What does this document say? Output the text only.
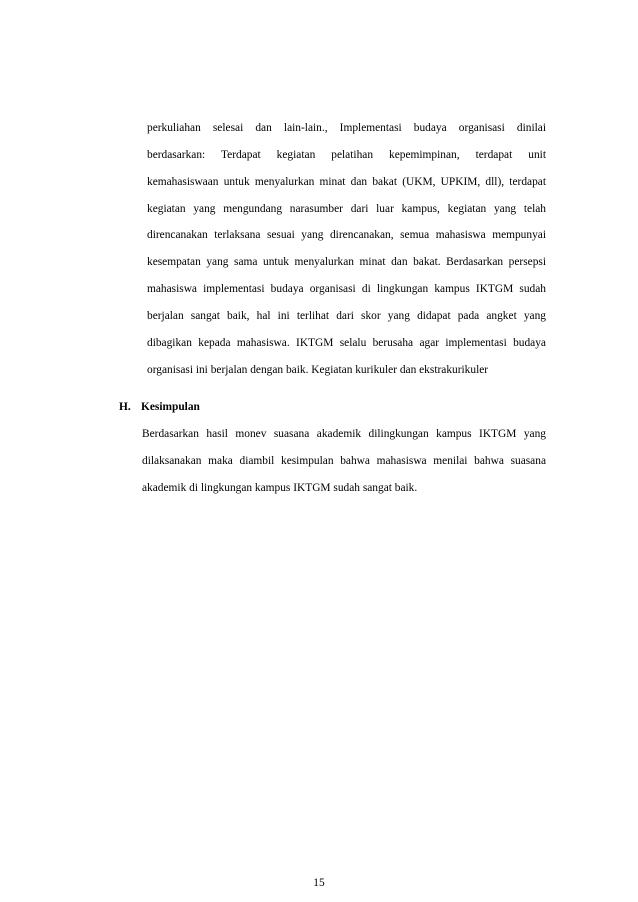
perkuliahan selesai dan lain-lain., Implementasi budaya organisasi dinilai
berdasarkan: Terdapat kegiatan pelatihan kepemimpinan, terdapat unit
kemahasiswaan untuk menyalurkan minat dan bakat (UKM, UPKIM, dll), terdapat
kegiatan yang mengundang narasumber dari luar kampus, kegiatan yang telah
direncanakan terlaksana sesuai yang direncanakan, semua mahasiswa mempunyai
kesempatan yang sama untuk menyalurkan minat dan bakat. Berdasarkan persepsi
mahasiswa implementasi budaya organisasi di lingkungan kampus IKTGM sudah
berjalan sangat baik, hal ini terlihat dari skor yang didapat pada angket yang
dibagikan kepada mahasiswa. IKTGM selalu berusaha agar implementasi budaya
organisasi ini berjalan dengan baik. Kegiatan kurikuler dan ekstrakurikuler
H. Kesimpulan
Berdasarkan hasil monev suasana akademik dilingkungan kampus IKTGM yang
dilaksanakan maka diambil kesimpulan bahwa mahasiswa menilai bahwa suasana
akademik di lingkungan kampus IKTGM sudah sangat baik.
15
